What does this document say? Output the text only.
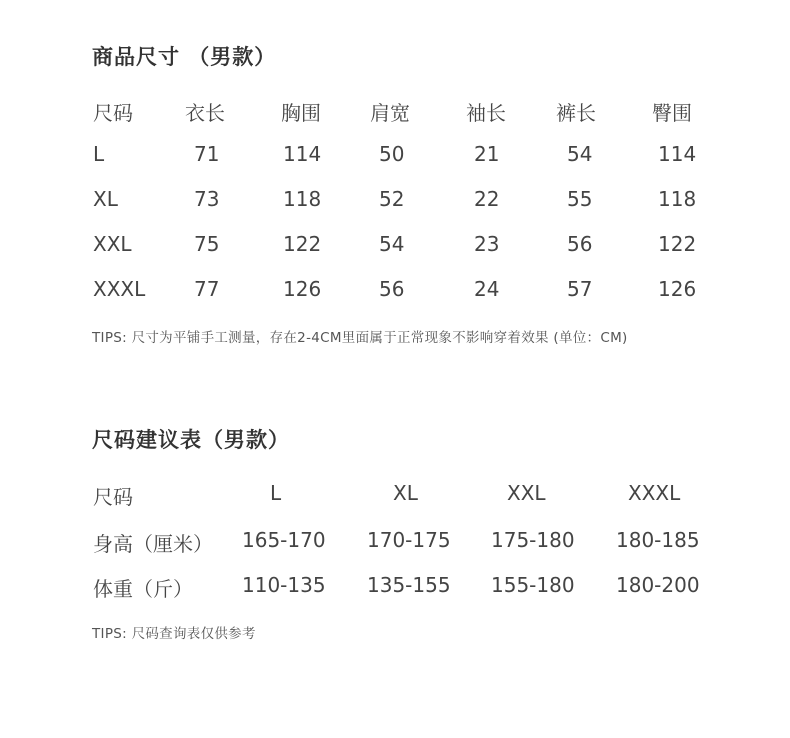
商品尺寸 （男款）
尺码	衣长	胸围 肩宽	袖长	裤长	臀围
L	71	114	50	21	54	114
XL	73	118	52	22	55	118
XXL	75	122	54	23	56	122
XXXL 77	126	56	24	57	126
TIPS: 尺寸为平铺手工测量，存在2-4CM里面属于正常现象不影响穿着效果 (单位：CM)
尺码建议表（男款）
尺码	L	XL	XXL	XXXL
身高（厘米） 165-170 170-175 175-180 180-185
体重（斤） 110-135 135-155 155-180 180-200
TIPS: 尺码查询表仅供参考
